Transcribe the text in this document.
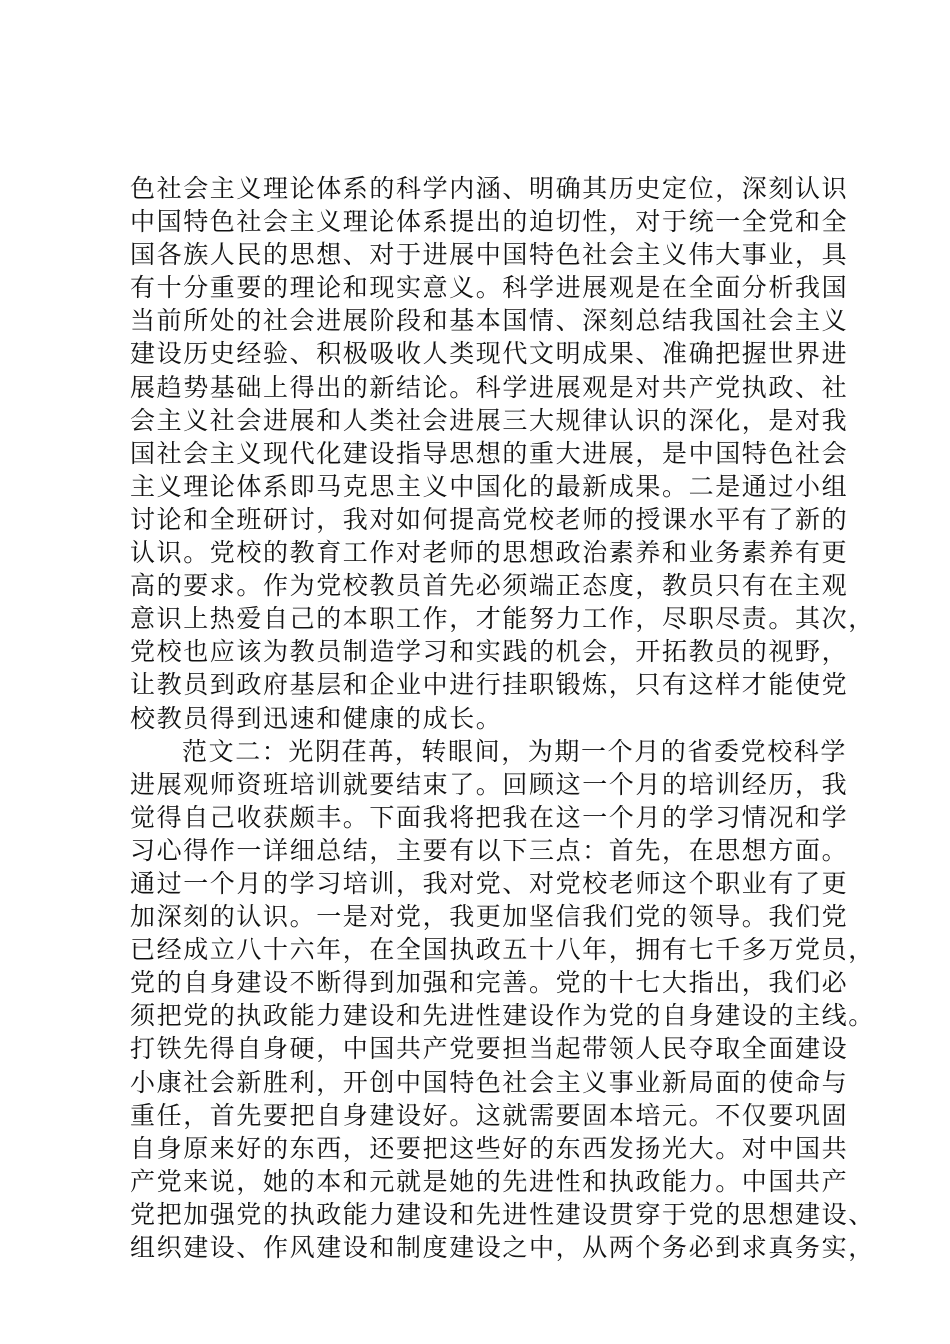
色社会主义理论体系的科学内涵、明确其历史定位，深刻认识
中国特色社会主义理论体系提出的迫切性，对于统一全党和全
国各族人民的思想、对于进展中国特色社会主义伟大事业，具
有十分重要的理论和现实意义。科学进展观是在全面分析我国
当前所处的社会进展阶段和基本国情、深刻总结我国社会主义
建设历史经验、积极吸收人类现代文明成果、准确把握世界进
展趋势基础上得出的新结论。科学进展观是对共产党执政、社
会主义社会进展和人类社会进展三大规律认识的深化，是对我
国社会主义现代化建设指导思想的重大进展，是中国特色社会
主义理论体系即马克思主义中国化的最新成果。二是通过小组
讨论和全班研讨，我对如何提高党校老师的授课水平有了新的
认识。党校的教育工作对老师的思想政治素养和业务素养有更
高的要求。作为党校教员首先必须端正态度，教员只有在主观
意识上热爱自己的本职工作，才能努力工作，尽职尽责。其次，
党校也应该为教员制造学习和实践的机会，开拓教员的视野，
让教员到政府基层和企业中进行挂职锻炼，只有这样才能使党
校教员得到迅速和健康的成长。
范文二：光阴荏苒，转眼间，为期一个月的省委党校科学
进展观师资班培训就要结束了。回顾这一个月的培训经历，我
觉得自己收获颇丰。下面我将把我在这一个月的学习情况和学
习心得作一详细总结，主要有以下三点：首先，在思想方面。
通过一个月的学习培训，我对党、对党校老师这个职业有了更
加深刻的认识。一是对党，我更加坚信我们党的领导。我们党
已经成立八十六年，在全国执政五十八年，拥有七千多万党员，
党的自身建设不断得到加强和完善。党的十七大指出，我们必
须把党的执政能力建设和先进性建设作为党的自身建设的主线。
打铁先得自身硬，中国共产党要担当起带领人民夺取全面建设
小康社会新胜利，开创中国特色社会主义事业新局面的使命与
重任，首先要把自身建设好。这就需要固本培元。不仅要巩固
自身原来好的东西，还要把这些好的东西发扬光大。对中国共
产党来说，她的本和元就是她的先进性和执政能力。中国共产
党把加强党的执政能力建设和先进性建设贯穿于党的思想建设、
组织建设、作风建设和制度建设之中，从两个务必到求真务实，
